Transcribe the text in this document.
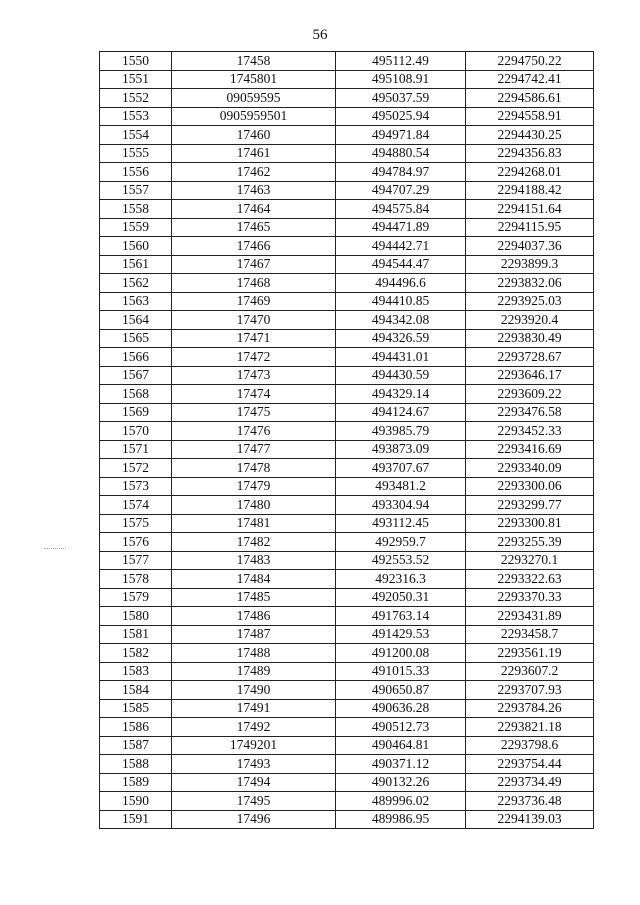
56
1550	17458	495112.49	2294750.22
1551	1745801	495108.91	2294742.41
1552	09059595	495037.59	2294586.61
1553	0905959501	495025.94	2294558.91
1554	17460	494971.84	2294430.25
1555	17461	494880.54	2294356.83
1556	17462	494784.97	2294268.01
1557	17463	494707.29	2294188.42
1558	17464	494575.84	2294151.64
1559	17465	494471.89	2294115.95
1560	17466	494442.71	2294037.36
1561	17467	494544.47	2293899.3
1562	17468	494496.6	2293832.06
1563	17469	494410.85	2293925.03
1564	17470	494342.08	2293920.4
1565	17471	494326.59	2293830.49
1566	17472	494431.01	2293728.67
1567	17473	494430.59	2293646.17
1568	17474	494329.14	2293609.22
1569	17475	494124.67	2293476.58
1570	17476	493985.79	2293452.33
1571	17477	493873.09	2293416.69
1572	17478	493707.67	2293340.09
1573	17479	493481.2	2293300.06
1574	17480	493304.94	2293299.77
1575	17481	493112.45	2293300.81
1576	17482	492959.7	2293255.39
1577	17483	492553.52	2293270.1
1578	17484	492316.3	2293322.63
1579	17485	492050.31	2293370.33
1580	17486	491763.14	2293431.89
1581	17487	491429.53	2293458.7
1582	17488	491200.08	2293561.19
1583	17489	491015.33	2293607.2
1584	17490	490650.87	2293707.93
1585	17491	490636.28	2293784.26
1586	17492	490512.73	2293821.18
1587	1749201	490464.81	2293798.6
1588	17493	490371.12	2293754.44
1589	17494	490132.26	2293734.49
1590	17495	489996.02	2293736.48
1591	17496	489986.95	2294139.03
